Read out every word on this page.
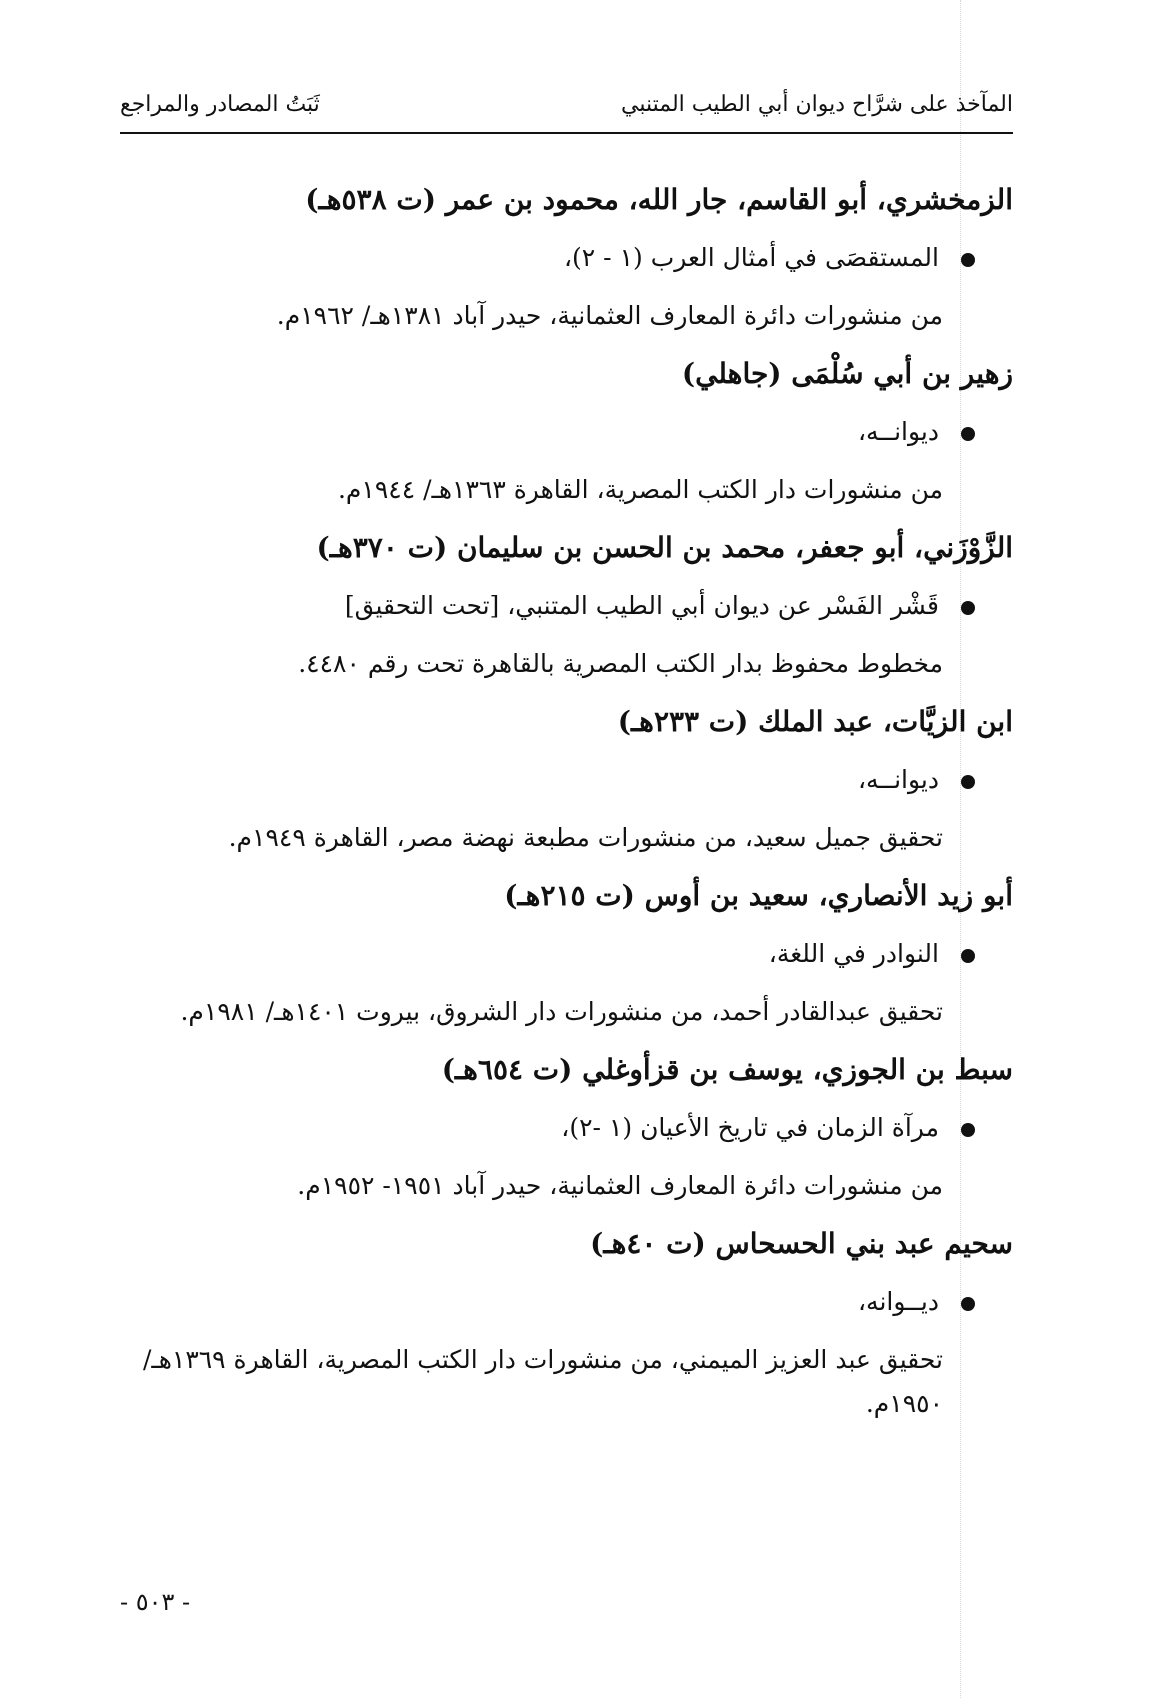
المآخذ على شرَّاح ديوان أبي الطيب المتنبي
ثَبَتُ المصادر والمراجع
الزمخشري، أبو القاسم، جار الله، محمود بن عمر (ت ٥٣٨هـ)
المستقصَى في أمثال العرب (١ - ٢)،
من منشورات دائرة المعارف العثمانية، حيدر آباد ١٣٨١هـ/ ١٩٦٢م.
زهير بن أبي سُلْمَى (جاهلي)
ديوانــه،
من منشورات دار الكتب المصرية، القاهرة ١٣٦٣هـ/ ١٩٤٤م.
الزَّوْزَني، أبو جعفر، محمد بن الحسن بن سليمان (ت ٣٧٠هـ)
قَشْر الفَسْر عن ديوان أبي الطيب المتنبي، [تحت التحقيق]
مخطوط محفوظ بدار الكتب المصرية بالقاهرة تحت رقم ٤٤٨٠.
ابن الزيَّات، عبد الملك (ت ٢٣٣هـ)
ديوانــه،
تحقيق جميل سعيد، من منشورات مطبعة نهضة مصر، القاهرة ١٩٤٩م.
أبو زيد الأنصاري، سعيد بن أوس (ت ٢١٥هـ)
النوادر في اللغة،
تحقيق عبدالقادر أحمد، من منشورات دار الشروق، بيروت ١٤٠١هـ/ ١٩٨١م.
سبط بن الجوزي، يوسف بن قزأوغلي (ت ٦٥٤هـ)
مرآة الزمان في تاريخ الأعيان (١ -٢)،
من منشورات دائرة المعارف العثمانية، حيدر آباد ١٩٥١- ١٩٥٢م.
سحيم عبد بني الحسحاس (ت ٤٠هـ)
ديــوانه،
تحقيق عبد العزيز الميمني، من منشورات دار الكتب المصرية، القاهرة ١٣٦٩هـ/ ١٩٥٠م.
- ٥٠٣ -
